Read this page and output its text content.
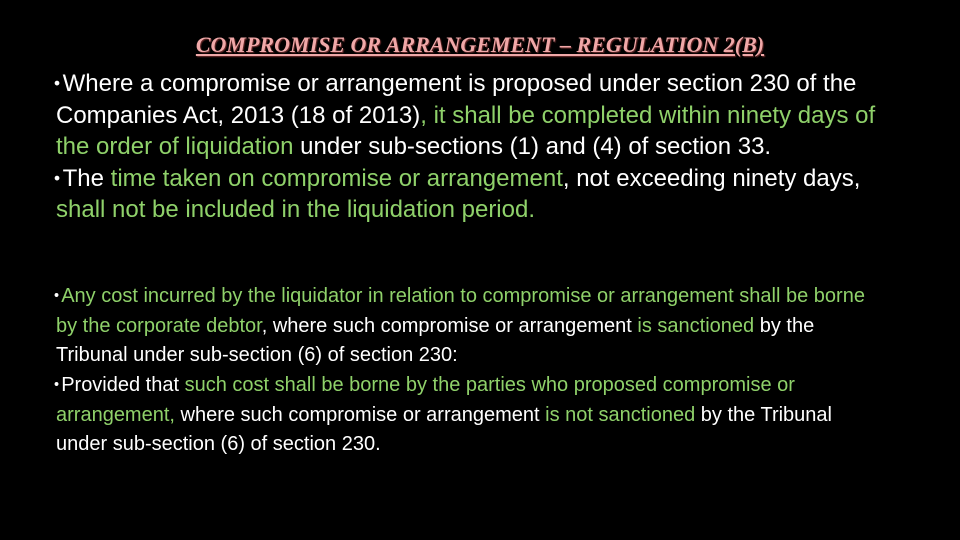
COMPROMISE OR ARRANGEMENT – REGULATION 2(B)

• Where a compromise or arrangement is proposed under section 230 of the Companies Act, 2013 (18 of 2013), it shall be completed within ninety days of the order of liquidation under sub-sections (1) and (4) of section 33.

• The time taken on compromise or arrangement, not exceeding ninety days, shall not be included in the liquidation period.

• Any cost incurred by the liquidator in relation to compromise or arrangement shall be borne by the corporate debtor, where such compromise or arrangement is sanctioned by the Tribunal under sub-section (6) of section 230:

• Provided that such cost shall be borne by the parties who proposed compromise or arrangement, where such compromise or arrangement is not sanctioned by the Tribunal under sub-section (6) of section 230.
